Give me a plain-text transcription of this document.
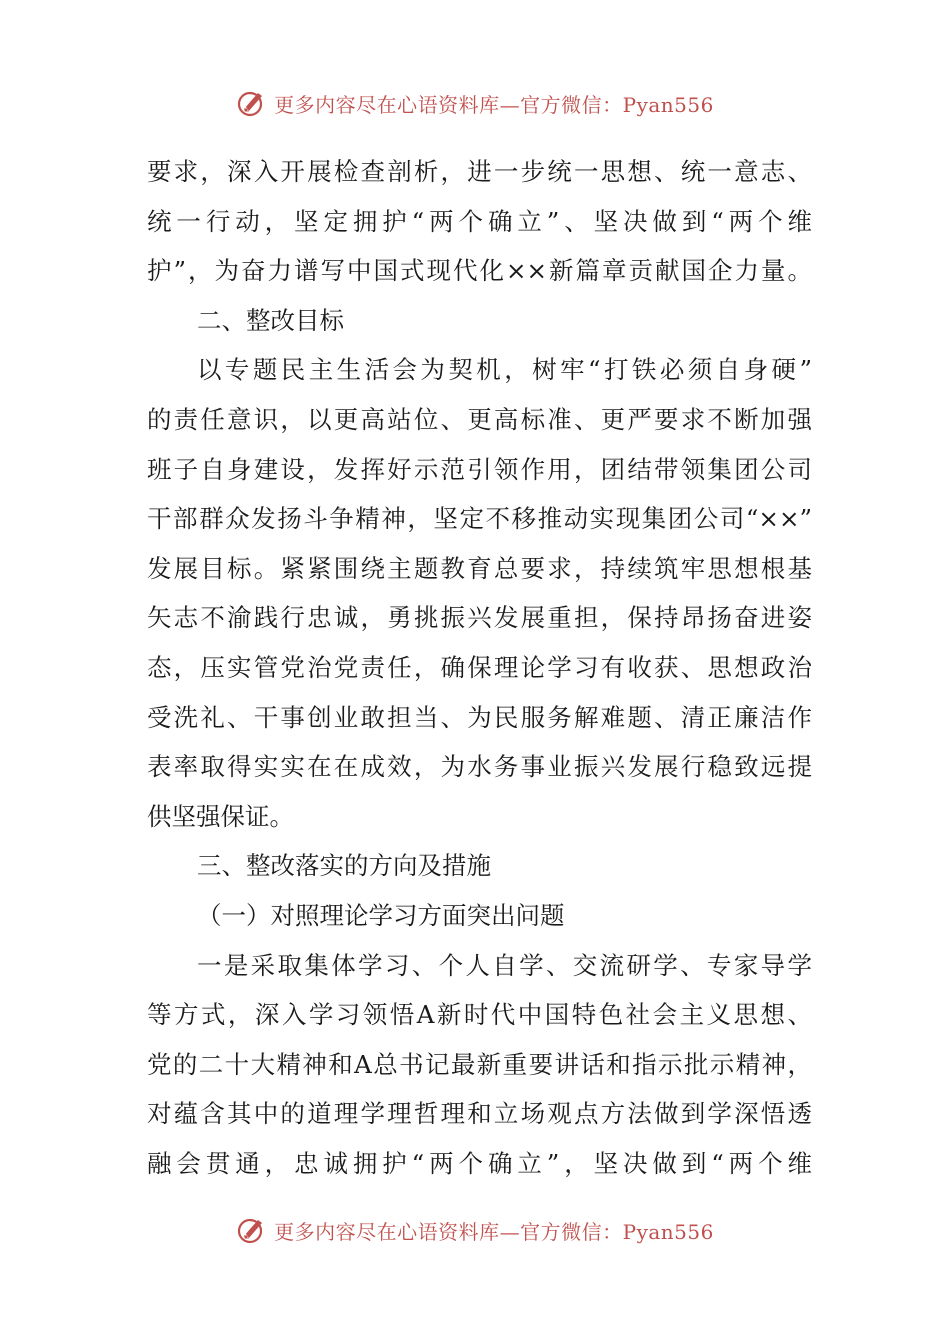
更多内容尽在心语资料库—官方微信：Pyan556
要求，深入开展检查剖析，进一步统一思想、统一意志、
统一行动，坚定拥护“两个确立”、坚决做到“两个维
护”，为奋力谱写中国式现代化××新篇章贡献国企力量。
二、整改目标
以专题民主生活会为契机，树牢“打铁必须自身硬”
的责任意识，以更高站位、更高标准、更严要求不断加强
班子自身建设，发挥好示范引领作用，团结带领集团公司
干部群众发扬斗争精神，坚定不移推动实现集团公司“××”
发展目标。紧紧围绕主题教育总要求，持续筑牢思想根基
矢志不渝践行忠诚，勇挑振兴发展重担，保持昂扬奋进姿
态，压实管党治党责任，确保理论学习有收获、思想政治
受洗礼、干事创业敢担当、为民服务解难题、清正廉洁作
表率取得实实在在成效，为水务事业振兴发展行稳致远提
供坚强保证。
三、整改落实的方向及措施
（一）对照理论学习方面突出问题
一是采取集体学习、个人自学、交流研学、专家导学
等方式，深入学习领悟A新时代中国特色社会主义思想、
党的二十大精神和A总书记最新重要讲话和指示批示精神，
对蕴含其中的道理学理哲理和立场观点方法做到学深悟透
融会贯通，忠诚拥护“两个确立”，坚决做到“两个维
更多内容尽在心语资料库—官方微信：Pyan556
